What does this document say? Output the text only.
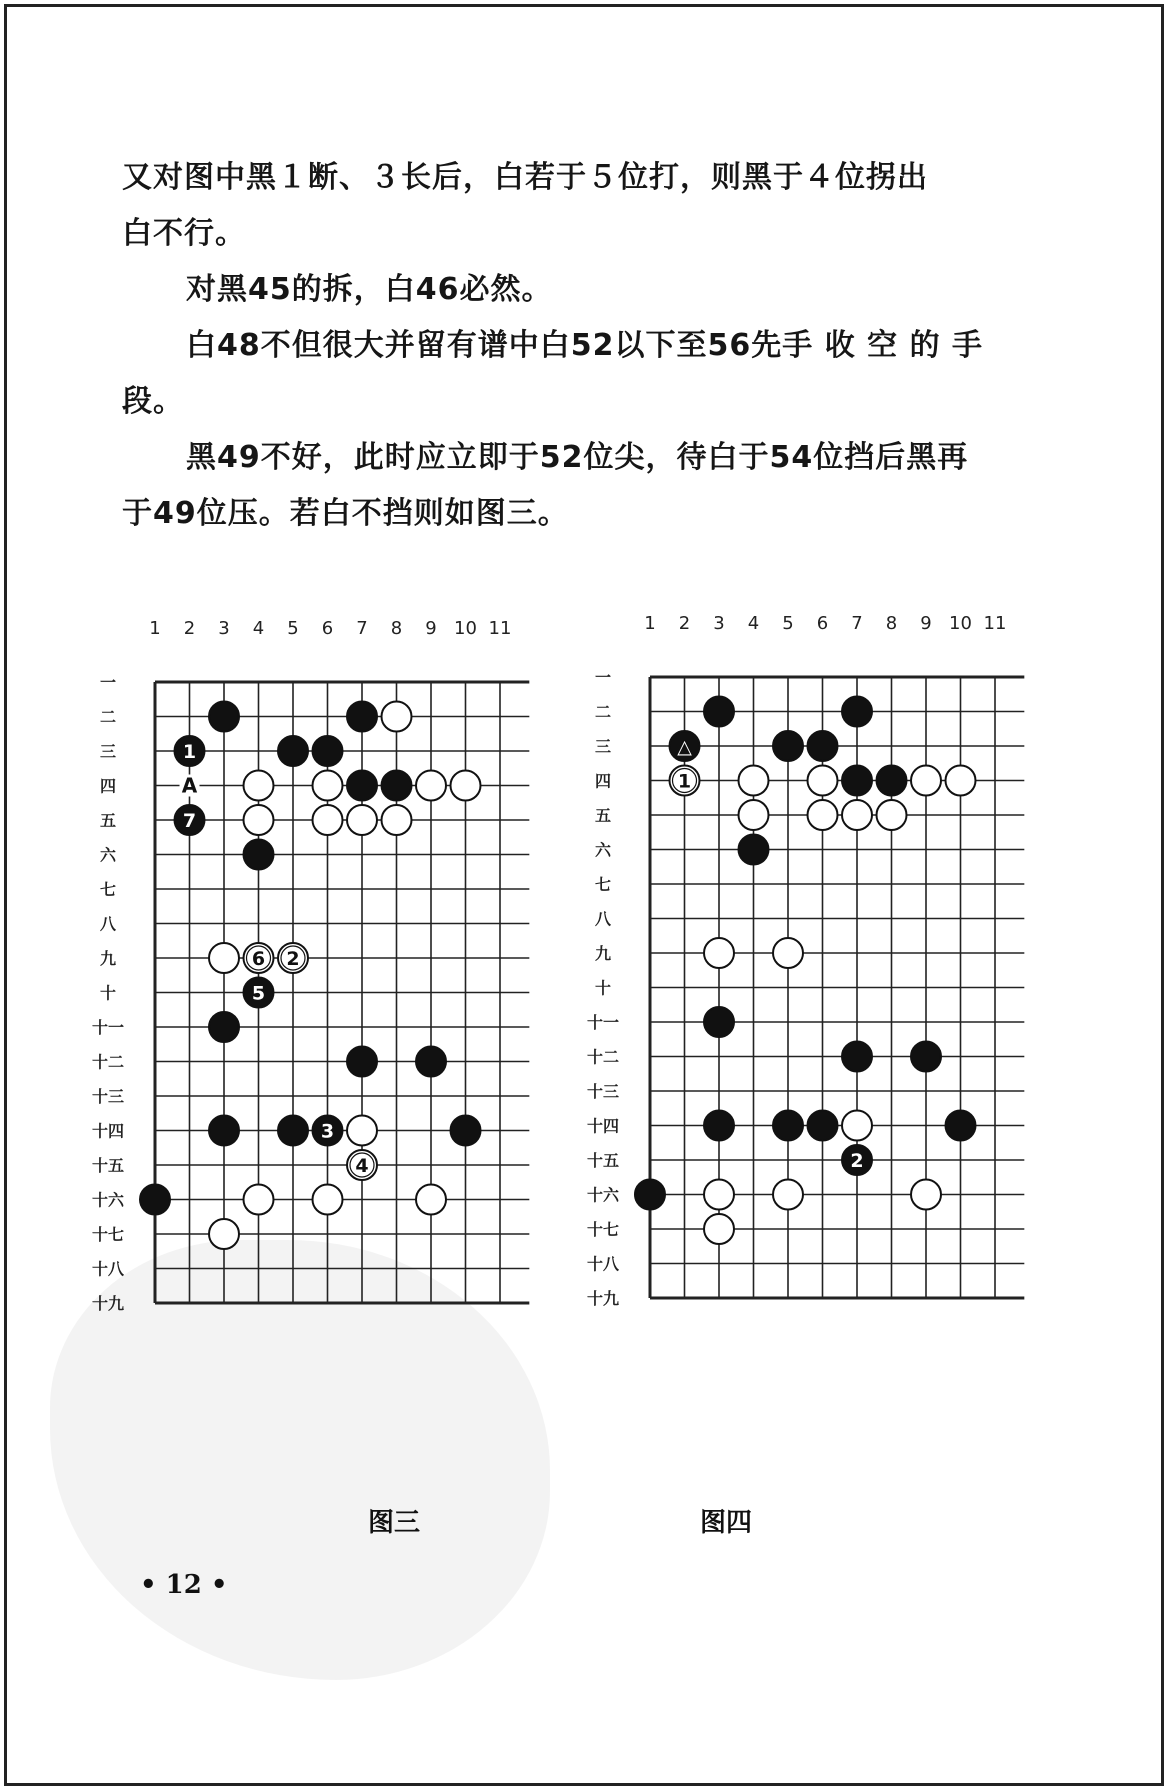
又对图中黑１断、３长后，白若于５位打，则黑于４位拐出

白不行。

对黑45的拆，白46必然。

白48不但很大并留有谱中白52以下至56先手 收 空 的 手

段。

黑49不好，此时应立即于52位尖，待白于54位挡后黑再

于49位压。若白不挡则如图三。

1 2 3 4 5 6 7 8 9 10 11
一
二
三
四
五
六
七
八
九
十
十一
十二
十三
十四
十五
十六
十七
十八
十九
1
7
6 2
5
3
4
A
1 2 3 4 5 6 7 8 9 10 11
一
二
三
四
五
六
七
八
九
十
十一
十二
十三
十四
十五
十六
十七
十八
十九
△
1
2
图三	图四
• 12 •
